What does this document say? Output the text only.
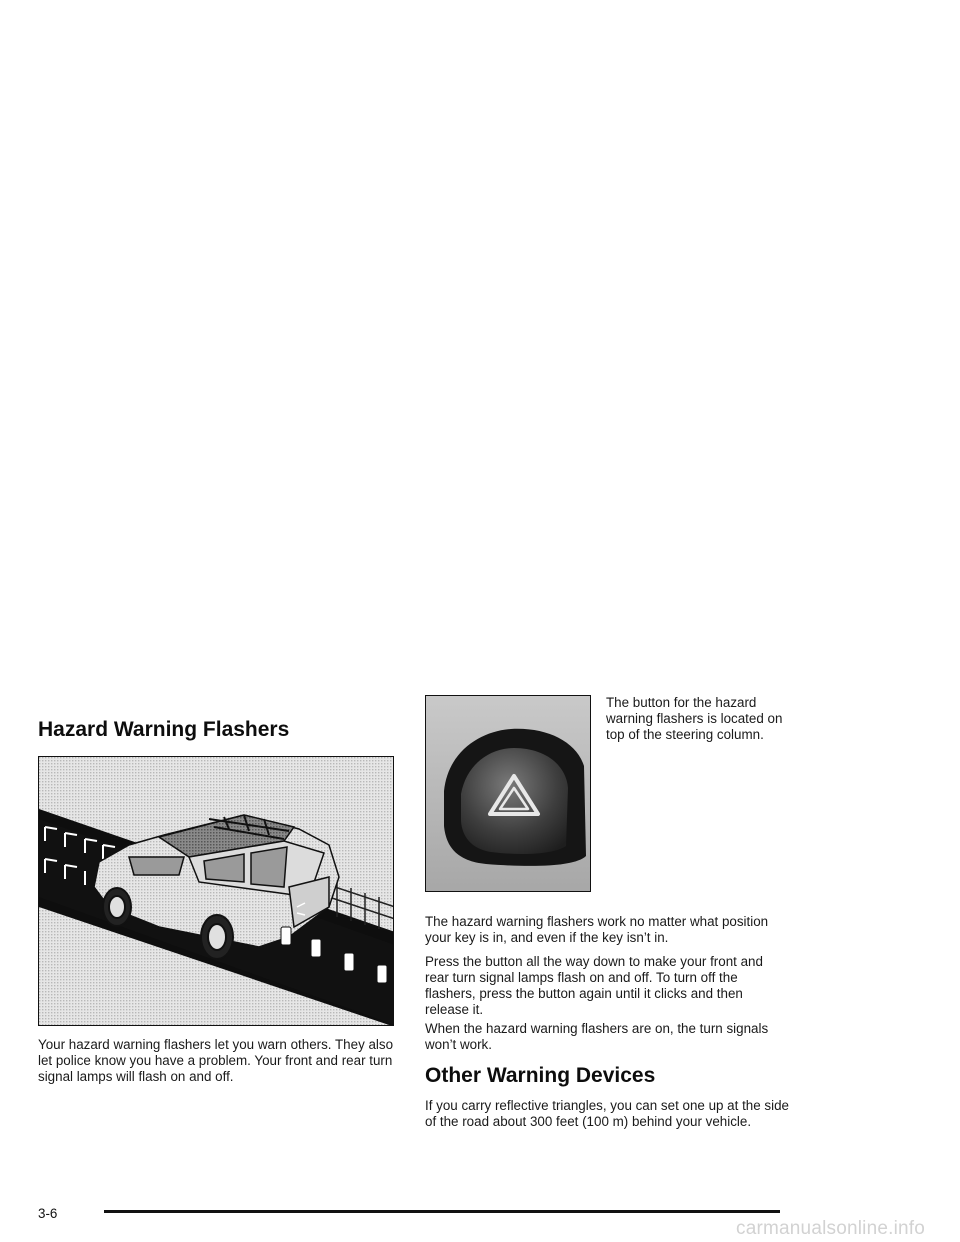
Hazard Warning Flashers

Your hazard warning flashers let you warn others. They also let police know you have a problem. Your front and rear turn signal lamps will flash on and off.

The button for the hazard warning flashers is located on top of the steering column.

The hazard warning flashers work no matter what position your key is in, and even if the key isn’t in.

Press the button all the way down to make your front and rear turn signal lamps flash on and off. To turn off the flashers, press the button again until it clicks and then release it.

When the hazard warning flashers are on, the turn signals won’t work.

Other Warning Devices

If you carry reflective triangles, you can set one up at the side of the road about 300 feet (100 m) behind your vehicle.

3-6
carmanualsonline.info
